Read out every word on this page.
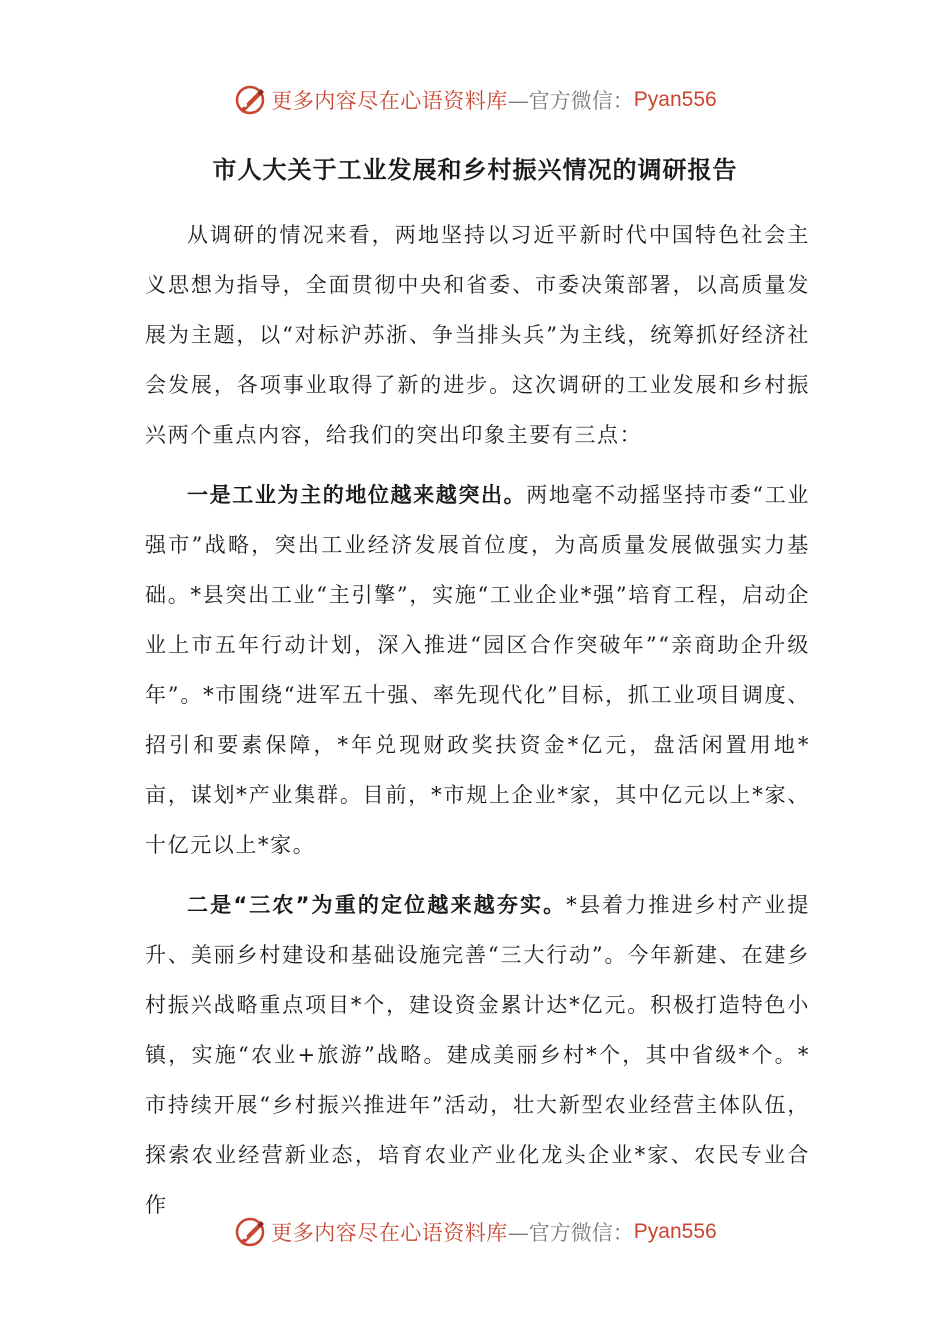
更多内容尽在心语资料库 —官方微信： Pyan556
市人大关于工业发展和乡村振兴情况的调研报告

从调研的情况来看，两地坚持以习近平新时代中国特色社会主义思想为指导，全面贯彻中央和省委、市委决策部署，以高质量发展为主题，以“对标沪苏浙、争当排头兵”为主线，统筹抓好经济社会发展，各项事业取得了新的进步。这次调研的工业发展和乡村振兴两个重点内容，给我们的突出印象主要有三点：

一是工业为主的地位越来越突出。两地毫不动摇坚持市委“工业强市”战略，突出工业经济发展首位度，为高质量发展做强实力基础。*县突出工业“主引擎”，实施“工业企业*强”培育工程，启动企业上市五年行动计划，深入推进“园区合作突破年”“亲商助企升级年”。*市围绕“进军五十强、率先现代化”目标，抓工业项目调度、招引和要素保障，*年兑现财政奖扶资金*亿元，盘活闲置用地*亩，谋划*产业集群。目前，*市规上企业*家，其中亿元以上*家、十亿元以上*家。

二是“三农”为重的定位越来越夯实。*县着力推进乡村产业提升、美丽乡村建设和基础设施完善“三大行动”。今年新建、在建乡村振兴战略重点项目*个，建设资金累计达*亿元。积极打造特色小镇，实施“农业+旅游”战略。建成美丽乡村*个，其中省级*个。*市持续开展“乡村振兴推进年”活动，壮大新型农业经营主体队伍，探索农业经营新业态，培育农业产业化龙头企业*家、农民专业合作

更多内容尽在心语资料库 —官方微信： Pyan556
